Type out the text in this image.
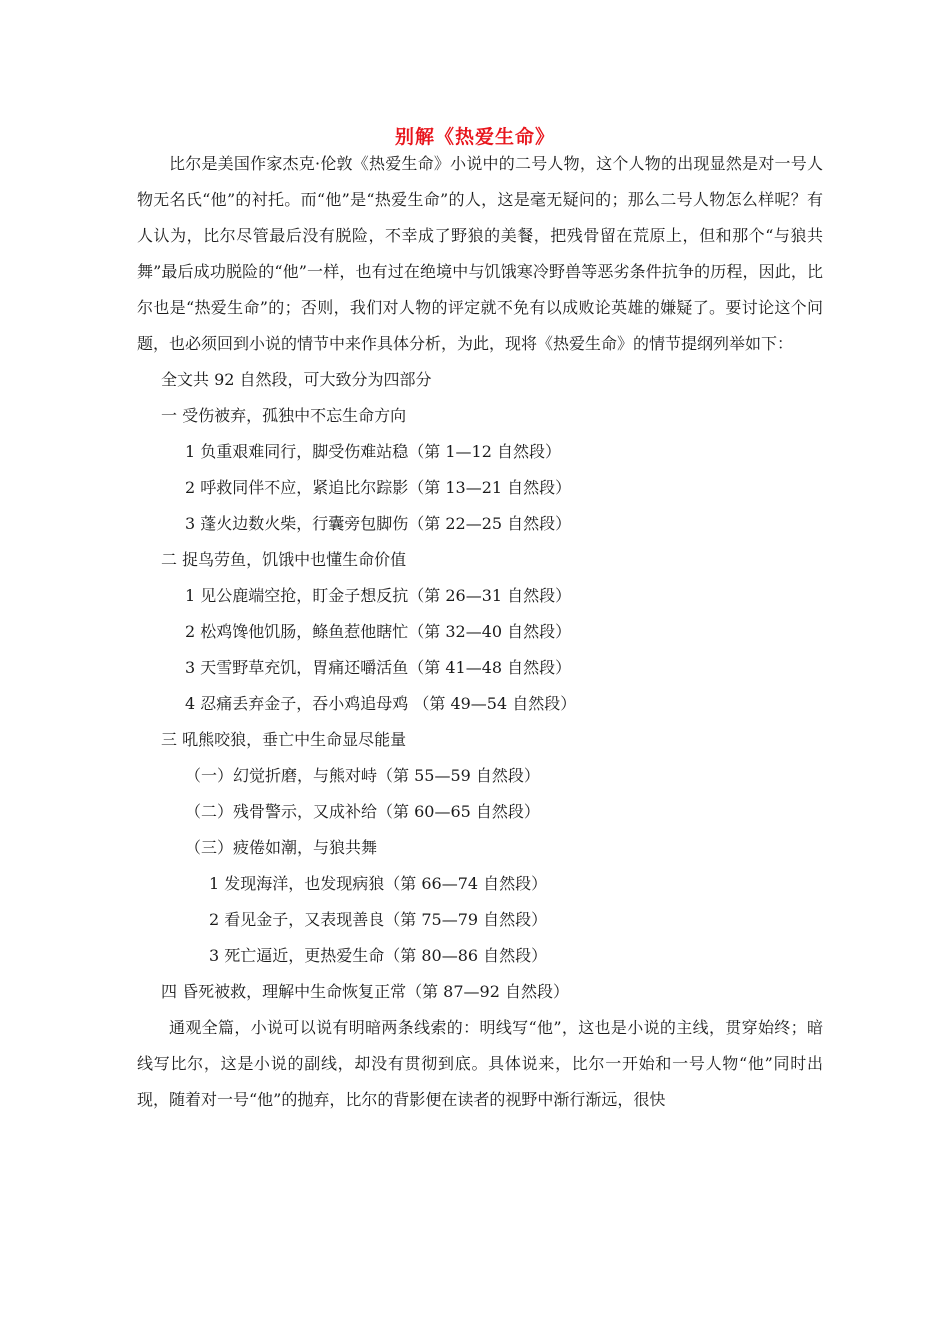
别解《热爱生命》

比尔是美国作家杰克·伦敦《热爱生命》小说中的二号人物，这个人物的出现显然是对一号人物无名氏“他”的衬托。而“他”是“热爱生命”的人，这是毫无疑问的；那么二号人物怎么样呢？有人认为，比尔尽管最后没有脱险，不幸成了野狼的美餐，把残骨留在荒原上，但和那个“与狼共舞”最后成功脱险的“他”一样，也有过在绝境中与饥饿寒冷野兽等恶劣条件抗争的历程，因此，比尔也是“热爱生命”的；否则，我们对人物的评定就不免有以成败论英雄的嫌疑了。要讨论这个问题，也必须回到小说的情节中来作具体分析，为此，现将《热爱生命》的情节提纲列举如下：

全文共 92 自然段，可大致分为四部分

一 受伤被弃，孤独中不忘生命方向

1 负重艰难同行，脚受伤难站稳（第 1—12 自然段）

2 呼救同伴不应，紧追比尔踪影（第 13—21 自然段）

3 蓬火边数火柴，行囊旁包脚伤（第 22—25 自然段）

二 捉鸟劳鱼，饥饿中也懂生命价值

1 见公鹿端空抢，盯金子想反抗（第 26—31 自然段）

2 松鸡馋他饥肠，鲦鱼惹他瞎忙（第 32—40 自然段）

3 天雪野草充饥，胃痛还嚼活鱼（第 41—48 自然段）

4 忍痛丢弃金子，吞小鸡追母鸡 （第 49—54 自然段）

三 吼熊咬狼，垂亡中生命显尽能量

（一）幻觉折磨，与熊对峙（第 55—59 自然段）

（二）残骨警示，又成补给（第 60—65 自然段）

（三）疲倦如潮，与狼共舞

1 发现海洋，也发现病狼（第 66—74 自然段）

2 看见金子，又表现善良（第 75—79 自然段）

3 死亡逼近，更热爱生命（第 80—86 自然段）

四 昏死被救，理解中生命恢复正常（第 87—92 自然段）

通观全篇，小说可以说有明暗两条线索的：明线写“他”，这也是小说的主线，贯穿始终；暗线写比尔，这是小说的副线，却没有贯彻到底。具体说来，比尔一开始和一号人物“他”同时出现，随着对一号“他”的抛弃，比尔的背影便在读者的视野中渐行渐远，很快
